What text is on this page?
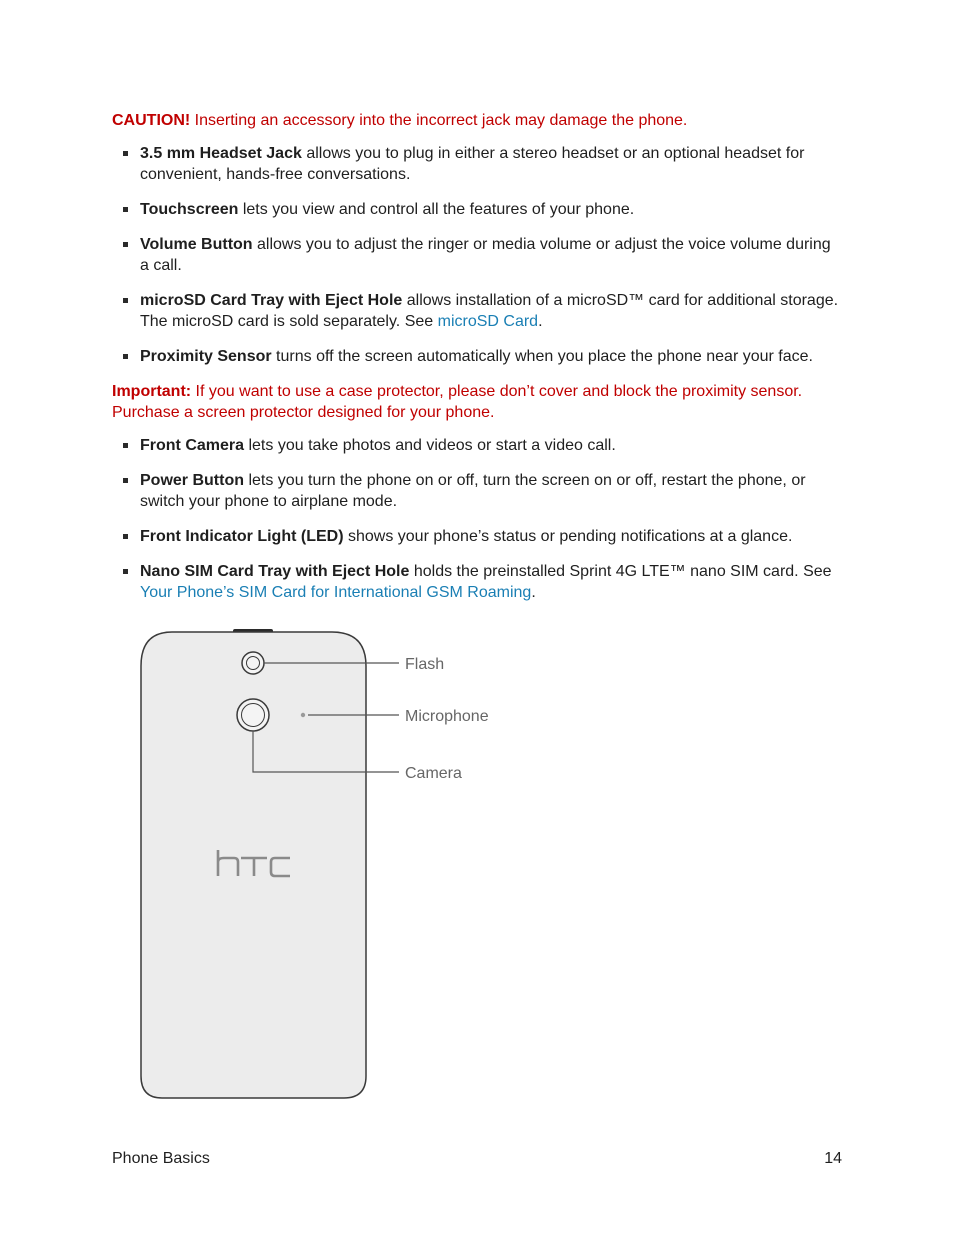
CAUTION! Inserting an accessory into the incorrect jack may damage the phone.

3.5 mm Headset Jack allows you to plug in either a stereo headset or an optional headset for convenient, hands-free conversations.
Touchscreen lets you view and control all the features of your phone.
Volume Button allows you to adjust the ringer or media volume or adjust the voice volume during a call.
microSD Card Tray with Eject Hole allows installation of a microSD™ card for additional storage. The microSD card is sold separately. See microSD Card.
Proximity Sensor turns off the screen automatically when you place the phone near your face.

Important: If you want to use a case protector, please don’t cover and block the proximity sensor. Purchase a screen protector designed for your phone.

Front Camera lets you take photos and videos or start a video call.
Power Button lets you turn the phone on or off, turn the screen on or off, restart the phone, or switch your phone to airplane mode.
Front Indicator Light (LED) shows your phone’s status or pending notifications at a glance.
Nano SIM Card Tray with Eject Hole holds the preinstalled Sprint 4G LTE™ nano SIM card. See Your Phone’s SIM Card for International GSM Roaming.
Flash
Microphone
Camera
Phone Basics	14
